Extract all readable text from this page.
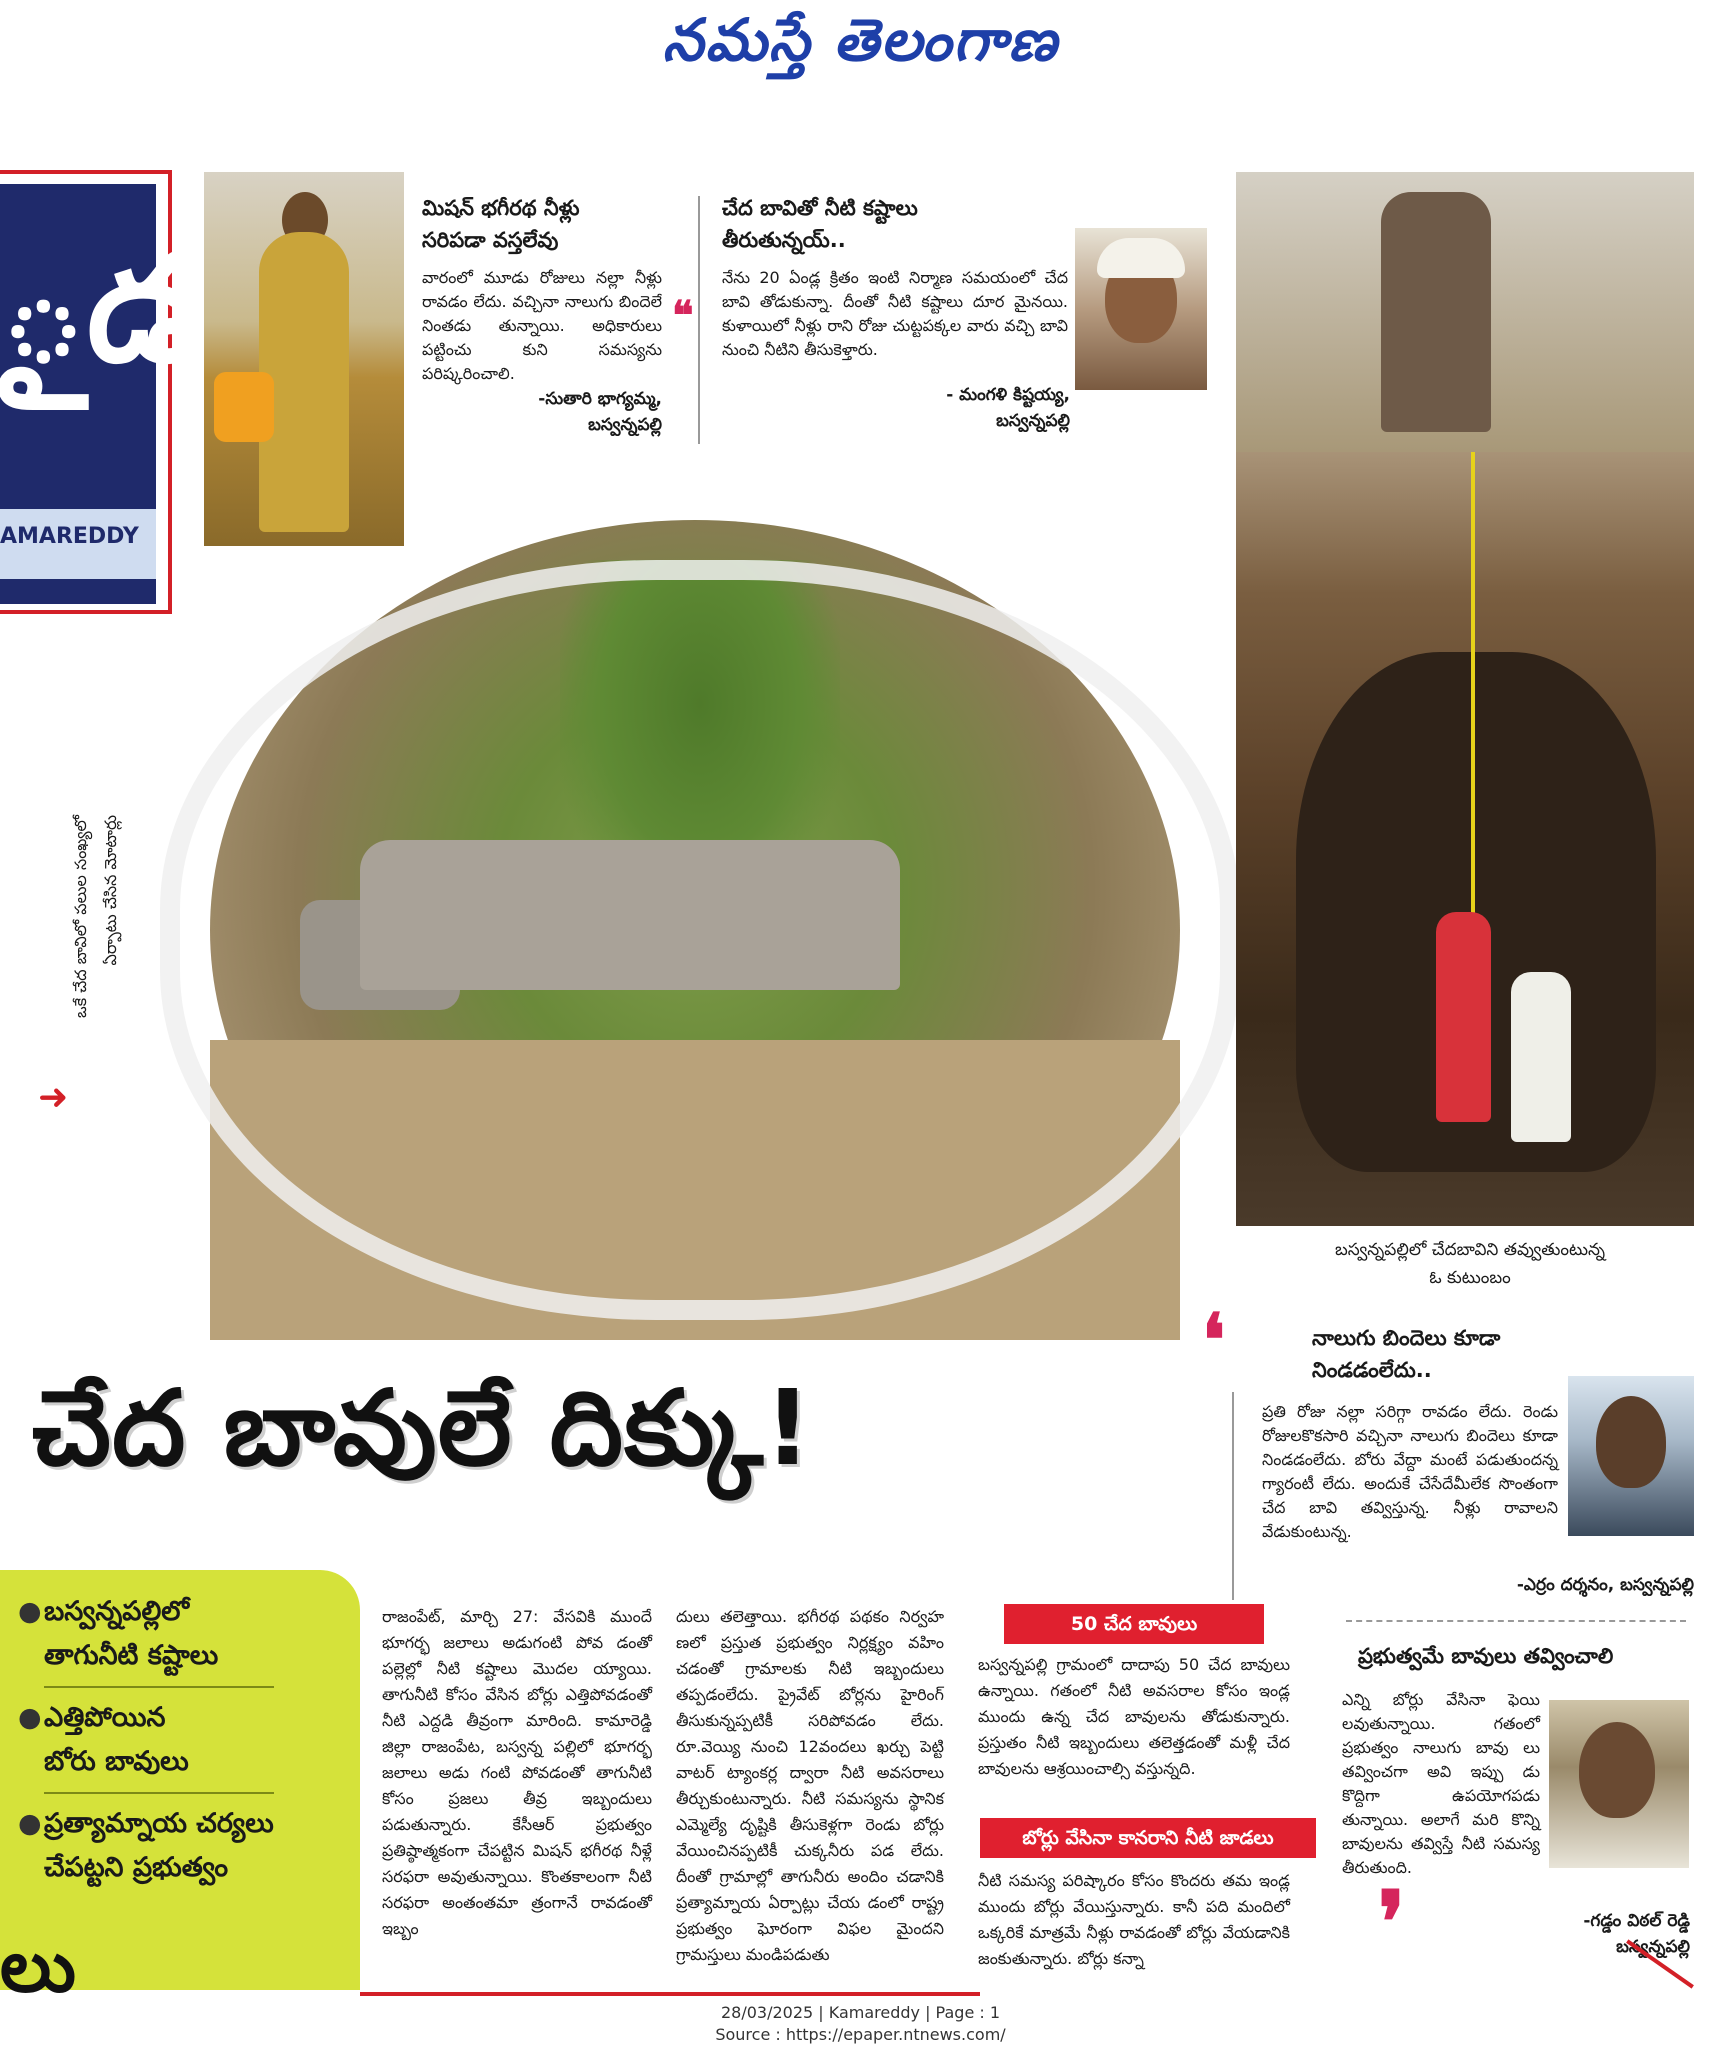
నమస్తే తెలంగాణ
ౖడ
AMAREDDY
మిషన్ భగీరథ నీళ్లు
సరిపడా వస్తలేవు
వారంలో మూడు రోజులు నల్లా నీళ్లు రావడం లేదు. వచ్చినా నాలుగు బిందెలే నింతడు తున్నాయి. అధికారులు పట్టించు కుని సమస్యను పరిష్కరించాలి.
-సుతారి భాగ్యమ్మ,
బస్వన్నపల్లి
❝
చేద బావితో నీటి కష్టాలు
తీరుతున్నయ్..
నేను 20 ఏండ్ల క్రితం ఇంటి నిర్మాణ సమయంలో చేద బావి తోడుకున్నా. దీంతో నీటి కష్టాలు దూర మైనయి. కుళాయిలో నీళ్లు రాని రోజు చుట్టపక్కల వారు వచ్చి బావి నుంచి నీటిని తీసుకెళ్తారు.
- మంగళి కిష్టయ్య,
బస్వన్నపల్లి
ఒకే చేద బావిలో పలుల సంఖ్యలో ఏర్పాటు చేసిన మోటార్లు
➜
బస్వన్నపల్లిలో చేదబావిని తవ్వుతుంటున్న
ఓ కుటుంబం
చేద బావులే దిక్కు!
❛	నాలుగు బిందెలు కూడా
నిండడంలేదు..
ప్రతి రోజు నల్లా సరిగ్గా రావడం లేదు. రెండు రోజులకొకసారి వచ్చినా నాలుగు బిందెలు కూడా నిండడంలేదు. బోరు వేద్దా మంటే పడుతుందన్న గ్యారంటీ లేదు. అందుకే చేసేదేమీలేక సొంతంగా చేద బావి తవ్విస్తున్న. నీళ్లు రావాలని వేడుకుంటున్న.
-ఎర్రం దర్శనం, బస్వన్నపల్లి
● బస్వన్నపల్లిలో
తాగునీటి కష్టాలు
● ఎత్తిపోయిన
బోరు బావులు
● ప్రత్యామ్నాయ చర్యలు
చేపట్టని ప్రభుత్వం
లు
రాజంపేట్, మార్చి 27: వేసవికి ముందే భూగర్భ జలాలు అడుగంటి పోవ డంతో పల్లెల్లో నీటి కష్టాలు మొదల య్యాయి. తాగునీటి కోసం వేసిన బోర్లు ఎత్తిపోవడంతో నీటి ఎద్దడి తీవ్రంగా మారింది. కామారెడ్డి జిల్లా రాజంపేట, బస్వన్న పల్లిలో భూగర్భ జలాలు అడు గంటి పోవడంతో తాగునీటి కోసం ప్రజలు తీవ్ర ఇబ్బందులు పడుతున్నారు. కేసీఆర్ ప్రభుత్వం ప్రతిష్ఠాత్మకంగా చేపట్టిన మిషన్ భగీరథ నీళ్లే సరఫరా అవుతున్నాయి. కొంతకాలంగా నీటి సరఫరా అంతంతమా త్రంగానే రావడంతో ఇబ్బం
దులు తలెత్తాయి. భగీరథ పథకం నిర్వహ ణలో ప్రస్తుత ప్రభుత్వం నిర్లక్ష్యం వహిం చడంతో గ్రామాలకు నీటి ఇబ్బందులు తప్పడంలేదు. ప్రైవేట్ బోర్లను హైరింగ్ తీసుకున్నప్పటికీ సరిపోవడం లేదు. రూ.వెయ్యి నుంచి 12వందలు ఖర్చు పెట్టి వాటర్ ట్యాంకర్ల ద్వారా నీటి అవసరాలు తీర్చుకుంటున్నారు. నీటి సమస్యను స్థానిక ఎమ్మెల్యే దృష్టికి తీసుకెళ్లగా రెండు బోర్లు వేయించినప్పటికీ చుక్కనీరు పడ లేదు. దీంతో గ్రామాల్లో తాగునీరు అందిం చడానికి ప్రత్యామ్నాయ ఏర్పాట్లు చేయ డంలో రాష్ట్ర ప్రభుత్వం ఘోరంగా విఫల మైందని గ్రామస్తులు మండిపడుతు
50 చేద బావులు
బస్వన్నపల్లి గ్రామంలో దాదాపు 50 చేద బావులు ఉన్నాయి. గతంలో నీటి అవసరాల కోసం ఇండ్ల ముందు ఉన్న చేద బావులను తోడుకున్నారు. ప్రస్తుతం నీటి ఇబ్బందులు తలెత్తడంతో మళ్లీ చేద బావులను ఆశ్రయించాల్సి వస్తున్నది.
బోర్లు వేసినా కానరాని నీటి జాడలు
నీటి సమస్య పరిష్కారం కోసం కొందరు తమ ఇండ్ల ముందు బోర్లు వేయిస్తున్నారు. కానీ పది మందిలో ఒక్కరికే మాత్రమే నీళ్లు రావడంతో బోర్లు వేయడానికి జంకుతున్నారు. బోర్లు కన్నా
ప్రభుత్వమే బావులు తవ్వించాలి
ఎన్ని బోర్లు వేసినా ఫెయి లవుతున్నాయి. గతంలో ప్రభుత్వం నాలుగు బావు లు తవ్వించగా అవి ఇప్పు డు కొద్దిగా ఉపయోగపడు తున్నాయి. అలాగే మరి కొన్ని బావులను తవ్విస్తే నీటి సమస్య తీరుతుంది.
-గడ్డం విఠల్ రెడ్డి
బస్వన్నపల్లి
❜
28/03/2025 | Kamareddy | Page : 1
Source : https://epaper.ntnews.com/
